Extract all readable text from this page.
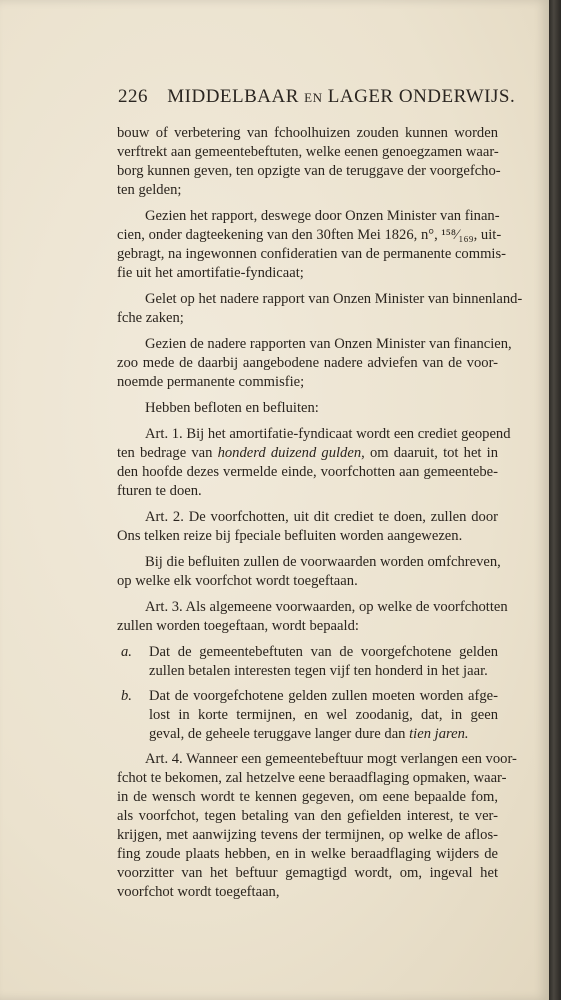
226 MIDDELBAAR EN LAGER ONDERWIJS.
bouw of verbetering van fchoolhuizen zouden kunnen worden
verftrekt aan gemeentebeftuten, welke eenen genoegzamen waar-
borg kunnen geven, ten opzigte van de teruggave der voorgefcho-
ten gelden;
Gezien het rapport, deswege door Onzen Minister van finan-
cien, onder dagteekening van den 30ften Mei 1826, n°, ¹⁵⁸⁄₁₆₉, uit-
gebragt, na ingewonnen confideratien van de permanente commis-
fie uit het amortifatie-fyndicaat;
Gelet op het nadere rapport van Onzen Minister van binnenland-
fche zaken;
Gezien de nadere rapporten van Onzen Minister van financien,
zoo mede de daarbij aangebodene nadere adviefen van de voor-
noemde permanente commisfie;
Hebben befloten en befluiten:
Art. 1. Bij het amortifatie-fyndicaat wordt een crediet geopend
ten bedrage van honderd duizend gulden, om daaruit, tot het in
den hoofde dezes vermelde einde, voorfchotten aan gemeentebe-
fturen te doen.
Art. 2. De voorfchotten, uit dit crediet te doen, zullen door
Ons telken reize bij fpeciale befluiten worden aangewezen.
Bij die befluiten zullen de voorwaarden worden omfchreven,
op welke elk voorfchot wordt toegeftaan.
Art. 3. Als algemeene voorwaarden, op welke de voorfchotten
zullen worden toegeftaan, wordt bepaald:
a.	Dat de gemeentebeftuten van de voorgefchotene gelden
zullen betalen interesten tegen vijf ten honderd in het jaar.
b.	Dat de voorgefchotene gelden zullen moeten worden afge-
lost in korte termijnen, en wel zoodanig, dat, in geen
geval, de geheele teruggave langer dure dan tien jaren.
Art. 4. Wanneer een gemeentebeftuur mogt verlangen een voor-
fchot te bekomen, zal hetzelve eene beraadflaging opmaken, waar-
in de wensch wordt te kennen gegeven, om eene bepaalde fom,
als voorfchot, tegen betaling van den gefielden interest, te ver-
krijgen, met aanwijzing tevens der termijnen, op welke de aflos-
fing zoude plaats hebben, en in welke beraadflaging wijders de
voorzitter van het beftuur gemagtigd wordt, om, ingeval het
voorfchot wordt toegeftaan,
